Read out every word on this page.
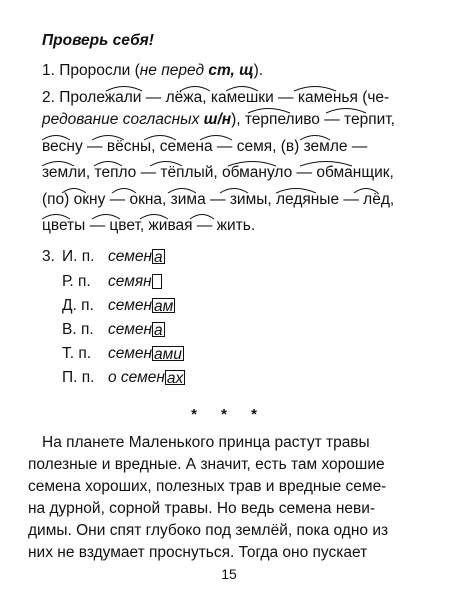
Проверь себя!
1. Проросли (не перед ст, щ).
2. Пролежали — лёжа, камешки — каменья (че-
редование согласных ш/н), терпеливо — терпит,
весну — вёсны, семена — семя, (в) земле —
земли, тепло — тёплый, обмануло — обманщик,
(по) окну — окна, зима — зимы, ледяные — лёд,
цветы — цвет, живая — жить.
3. И. п. семен а
Р. п. семян
Д. п. семен ам
В. п. семен а
Т. п. семен ами
П. п. о семен ах
* * *
На планете Маленького принца растут травы
полезные и вредные. А значит, есть там хорошие
семена хороших, полезных трав и вредные семе-
на дурной, сорной травы. Но ведь семена неви-
димы. Они спят глубоко под землёй, пока одно из
них не вздумает проснуться. Тогда оно пускает
15
